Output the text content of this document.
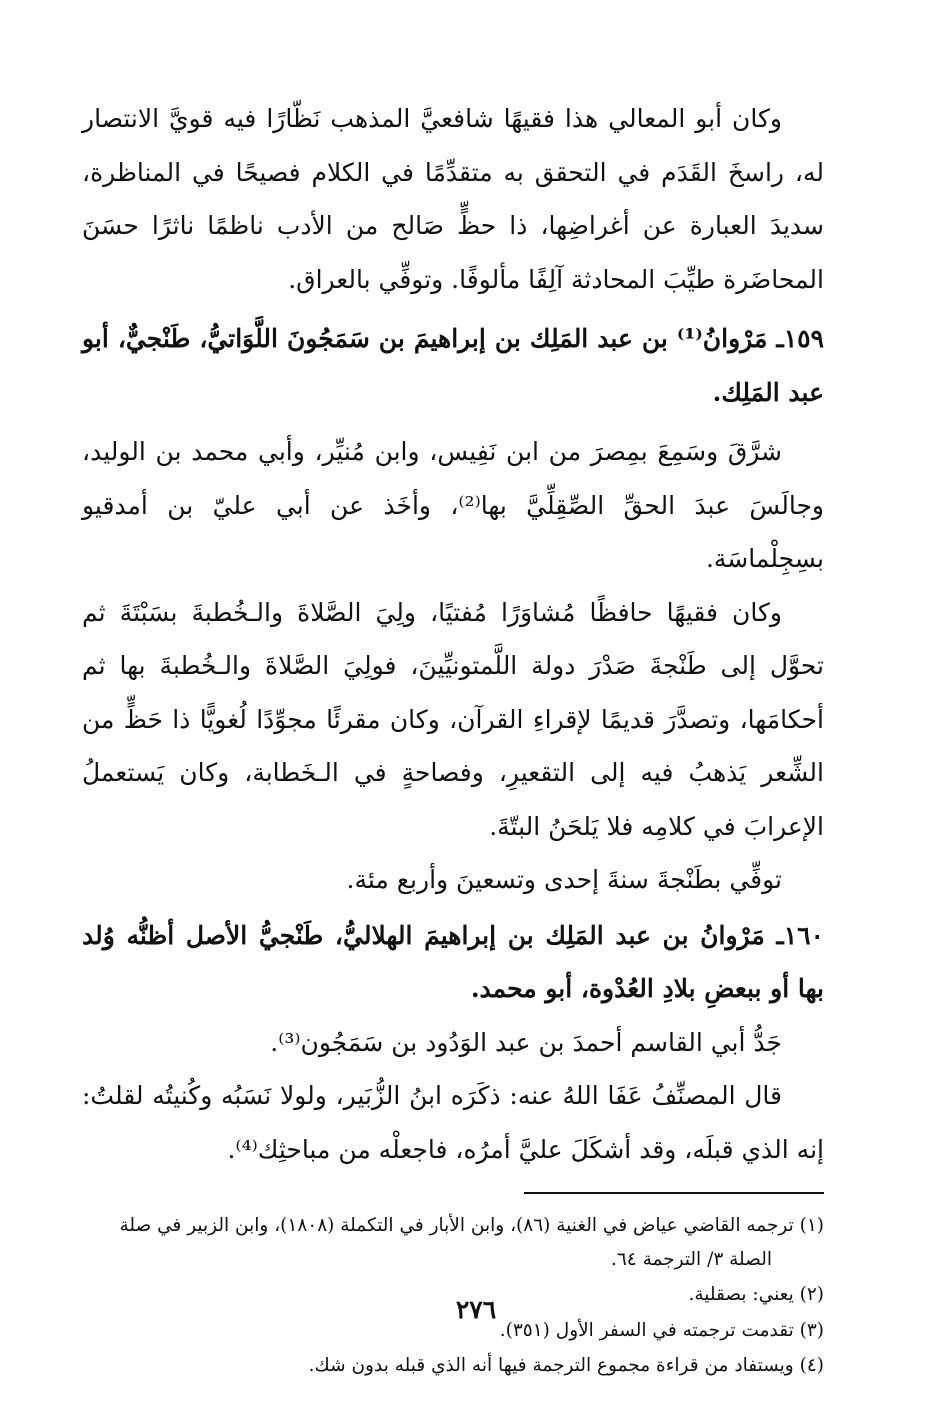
وكان أبو المعالي هذا فقيهًا شافعيَّ المذهب نَظّارًا فيه قويَّ الانتصار له، راسخَ القَدَم في التحقق به متقدِّمًا في الكلام فصيحًا في المناظرة، سديدَ العبارة عن أغراضِها، ذا حظٍّ صَالح من الأدب ناظمًا ناثرًا حسَنَ المحاضَرة طيِّبَ المحادثة آلِفًا مألوفًا. وتوفِّي بالعراق.

١٥٩ـ مَرْوانُ⁽¹⁾ بن عبد المَلِك بن إبراهيمَ بن سَمَجُونَ اللَّوَاتيُّ، طَنْجيٌّ، أبو عبد المَلِك.

شرَّقَ وسَمِعَ بمِصرَ من ابن نَفِيس، وابن مُنيِّر، وأبي محمد بن الوليد، وجالَسَ عبدَ الحقِّ الصِّقِلِّيَّ بها⁽²⁾، وأخَذ عن أبي عليّ بن أمدقيو بسِجِلْماسَة.

وكان فقيهًا حافظًا مُشاوَرًا مُفتيًا، ولِيَ الصَّلاةَ والـخُطبةَ بسَبْتَةَ ثم تحوَّل إلى طَنْجةَ صَدْرَ دولة اللَّمتونيِّينَ، فولِيَ الصَّلاةَ والـخُطبةَ بها ثم أحكامَها، وتصدَّرَ قديمًا لإقراءِ القرآن، وكان مقرئًا مجوِّدًا لُغويًّا ذا حَظٍّ من الشِّعر يَذهبُ فيه إلى التقعيرِ، وفصاحةٍ في الـخَطابة، وكان يَستعملُ الإعرابَ في كلامِه فلا يَلحَنُ البتّةَ.

توفِّي بطَنْجةَ سنةَ إحدى وتسعينَ وأربع مئة.

١٦٠ـ مَرْوانُ بن عبد المَلِك بن إبراهيمَ الهلاليُّ، طَنْجيُّ الأصل أظنُّه وُلد بها أو ببعضِ بلادِ العُدْوة، أبو محمد.

جَدُّ أبي القاسم أحمدَ بن عبد الوَدُود بن سَمَجُون⁽³⁾.

قال المصنِّفُ عَفَا اللهُ عنه: ذكَرَه ابنُ الزُّبَير، ولولا نَسَبُه وكُنيتُه لقلتُ: إنه الذي قبلَه، وقد أشكَلَ عليَّ أمرُه، فاجعلْه من مباحثِك⁽⁴⁾.

(١) ترجمه القاضي عياض في الغنية (٨٦)، وابن الأبار في التكملة (١٨٠٨)، وابن الزبير في صلة

الصلة ٣/ الترجمة ٦٤.

(٢) يعني: بصقلية.

(٣) تقدمت ترجمته في السفر الأول (٣٥١).

(٤) ويستفاد من قراءة مجموع الترجمة فيها أنه الذي قبله بدون شك.

٢٧٦
